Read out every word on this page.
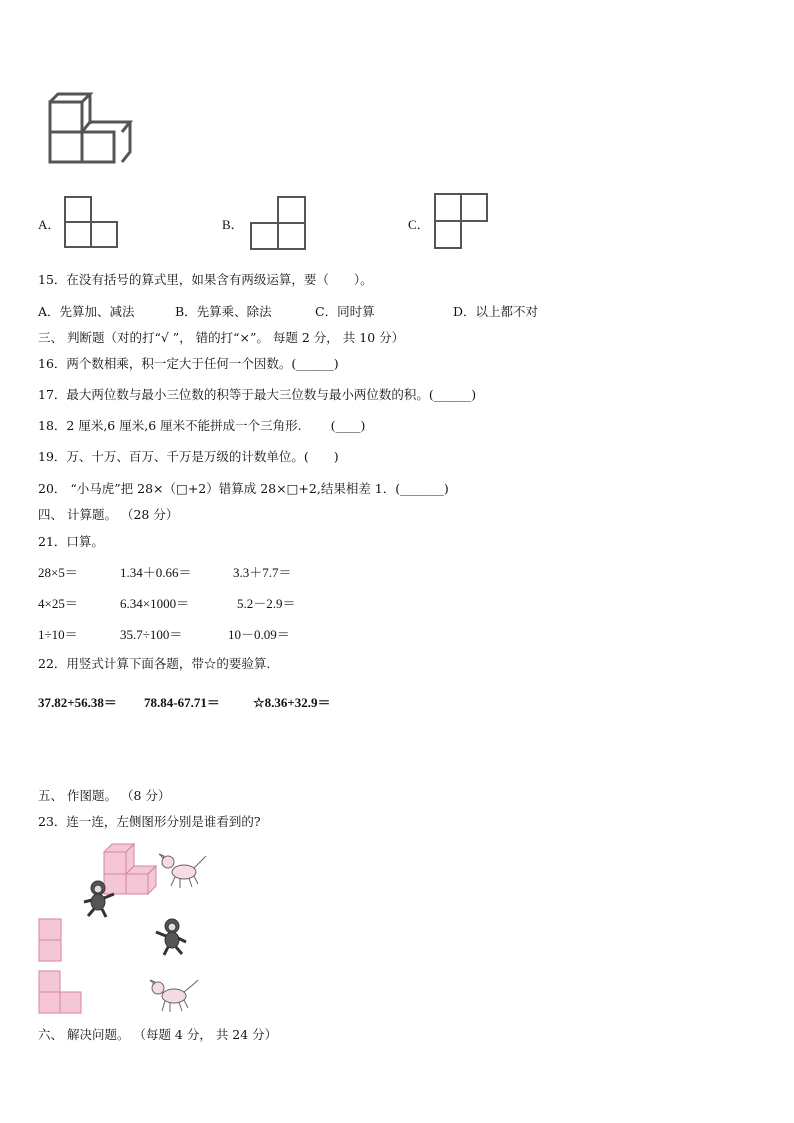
A．	B．	C．
15．在没有括号的算式里，如果含有两级运算，要（　　）。
A．先算加、减法	B．先算乘、除法	C．同时算	D．以上都不对
三、 判断题（对的打“√ ”， 错的打“×”。 每题 2 分， 共 10 分）
16．两个数相乘，积一定大于任何一个因数。(______)
17．最大两位数与最小三位数的积等于最大三位数与最小两位数的积。(______)
18．2 厘米,6 厘米,6 厘米不能拼成一个三角形.　　 (____)
19．万、十万、百万、千万是万级的计数单位。(　　)
20． “小马虎”把 28×（□+2）错算成 28×□+2,结果相差 1．(_______)
四、 计算题。 （28 分）
21．口算。
28×5＝	1.34＋0.66＝	3.3＋7.7＝
4×25＝	6.34×1000＝	5.2－2.9＝
1÷10＝	35.7÷100＝	10－0.09＝
22．用竖式计算下面各题，带☆的要验算.
37.82+56.38＝ 78.84-67.71＝	☆8.36+32.9＝
五、 作图题。 （8 分）
23．连一连，左侧图形分别是谁看到的?
六、 解决问题。 （每题 4 分， 共 24 分）
